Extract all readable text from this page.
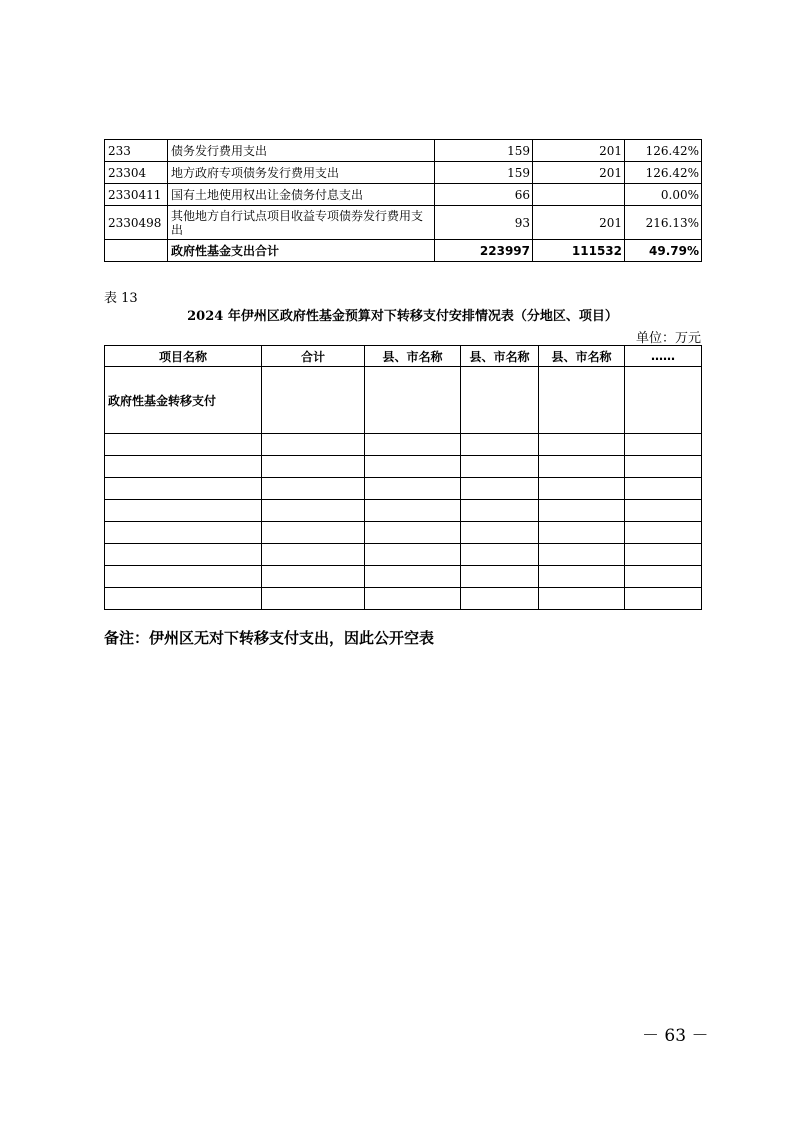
233	债务发行费用支出	159	201	126.42%
23304	地方政府专项债务发行费用支出	159	201	126.42%
2330411	国有土地使用权出让金债务付息支出	66		0.00%
2330498	其他地方自行试点项目收益专项债券发行费用支出	93	201	216.13%
	政府性基金支出合计	223997	111532	49.79%
表 13
2024 年伊州区政府性基金预算对下转移支付安排情况表（分地区、项目）
单位：万元
项目名称	合计	县、市名称	县、市名称	县、市名称	……
政府性基金转移支付					

备注：伊州区无对下转移支付支出，因此公开空表
－ 63 －
